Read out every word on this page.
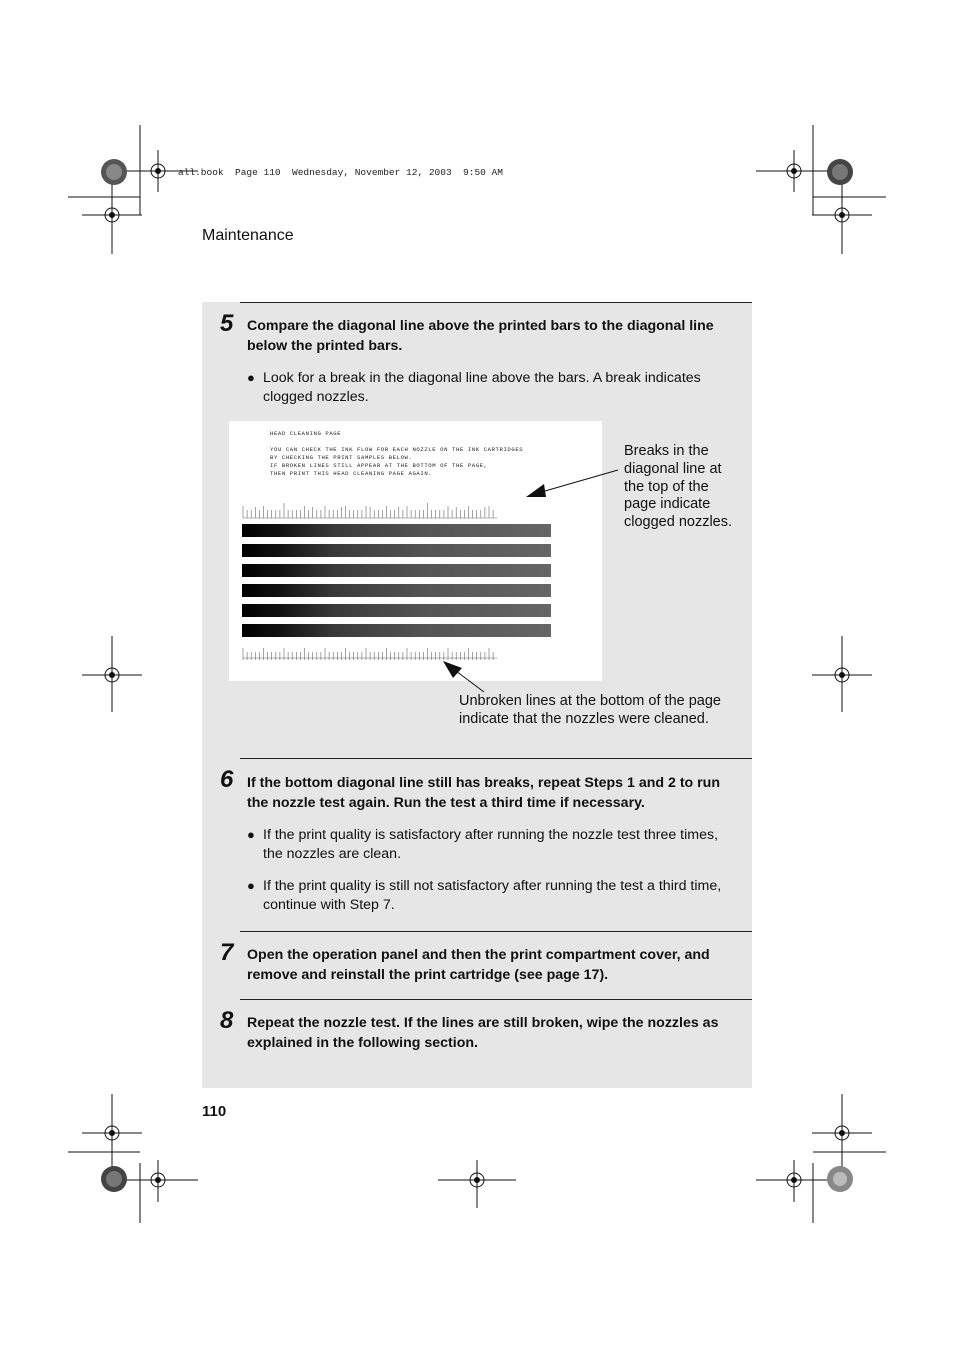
all.book  Page 110  Wednesday, November 12, 2003  9:50 AM
Maintenance
5 Compare the diagonal line above the printed bars to the diagonal line below the printed bars.
● Look for a break in the diagonal line above the bars. A break indicates clogged nozzles.
HEAD CLEANING PAGE
YOU CAN CHECK THE INK FLOW FOR EACH NOZZLE ON THE INK CARTRIDGES
BY CHECKING THE PRINT SAMPLES BELOW.
IF BROKEN LINES STILL APPEAR AT THE BOTTOM OF THE PAGE,
THEN PRINT THIS HEAD CLEANING PAGE AGAIN.
Breaks in the diagonal line at the top of the page indicate clogged nozzles.
Unbroken lines at the bottom of the page indicate that the nozzles were cleaned.
6 If the bottom diagonal line still has breaks, repeat Steps 1 and 2 to run the nozzle test again. Run the test a third time if necessary.
● If the print quality is satisfactory after running the nozzle test three times, the nozzles are clean.
● If the print quality is still not satisfactory after running the test a third time, continue with Step 7.
7 Open the operation panel and then the print compartment cover, and remove and reinstall the print cartridge (see page 17).
8 Repeat the nozzle test. If the lines are still broken, wipe the nozzles as explained in the following section.
110
